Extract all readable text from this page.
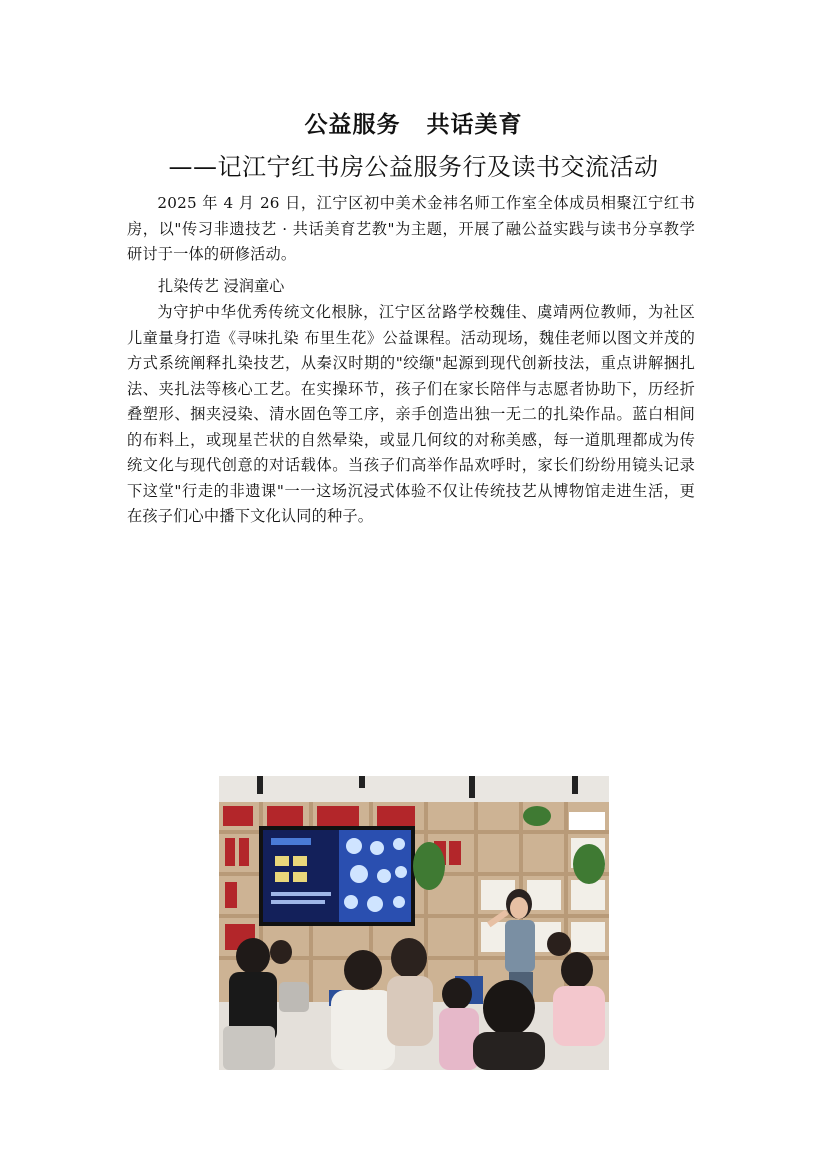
公益服务 共话美育
——记江宁红书房公益服务行及读书交流活动

2025 年 4 月 26 日，江宁区初中美术金祎名师工作室全体成员相聚江宁红书房，以"传习非遗技艺 · 共话美育艺教"为主题，开展了融公益实践与读书分享教学研讨于一体的研修活动。

扎染传艺 浸润童心

为守护中华优秀传统文化根脉，江宁区岔路学校魏佳、虞靖两位教师，为社区儿童量身打造《寻味扎染 布里生花》公益课程。活动现场，魏佳老师以图文并茂的方式系统阐释扎染技艺，从秦汉时期的"绞缬"起源到现代创新技法，重点讲解捆扎法、夹扎法等核心工艺。在实操环节，孩子们在家长陪伴与志愿者协助下，历经折叠塑形、捆夹浸染、清水固色等工序，亲手创造出独一无二的扎染作品。蓝白相间的布料上，或现星芒状的自然晕染，或显几何纹的对称美感，每一道肌理都成为传统文化与现代创意的对话载体。当孩子们高举作品欢呼时，家长们纷纷用镜头记录下这堂"行走的非遗课"一一这场沉浸式体验不仅让传统技艺从博物馆走进生活，更在孩子们心中播下文化认同的种子。
